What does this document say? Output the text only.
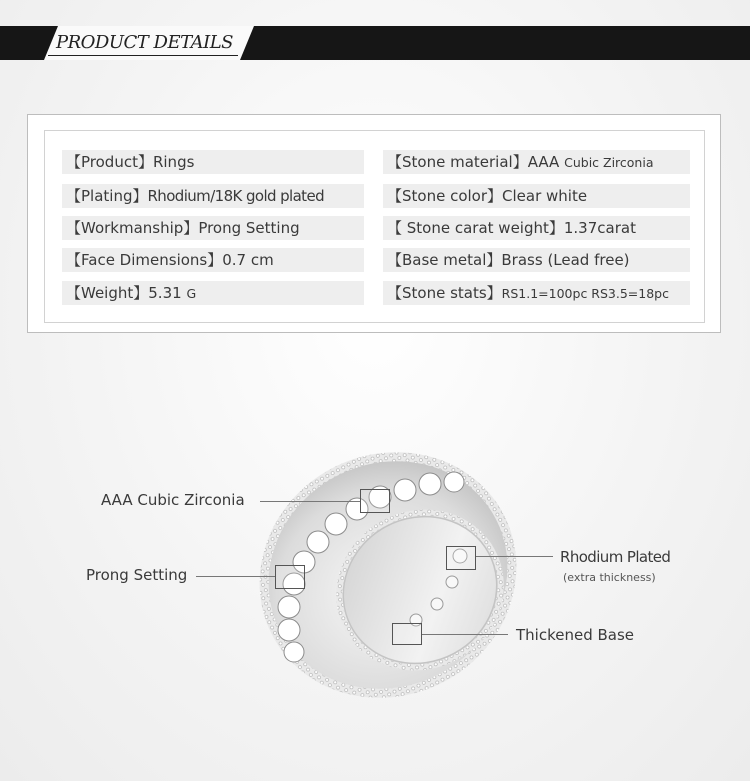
PRODUCT DETAILS
【Product】Rings
【Plating】Rhodium/18K gold plated
【Workmanship】Prong Setting
【Face Dimensions】0.7 cm
【Weight】5.31 G
【Stone material】AAA Cubic Zirconia
【Stone color】Clear white
【 Stone carat weight】1.37carat
【Base metal】Brass (Lead free)
【Stone stats】RS1.1=100pc RS3.5=18pc
AAA Cubic Zirconia
Prong Setting
Rhodium Plated
(extra thickness)
Thickened Base
